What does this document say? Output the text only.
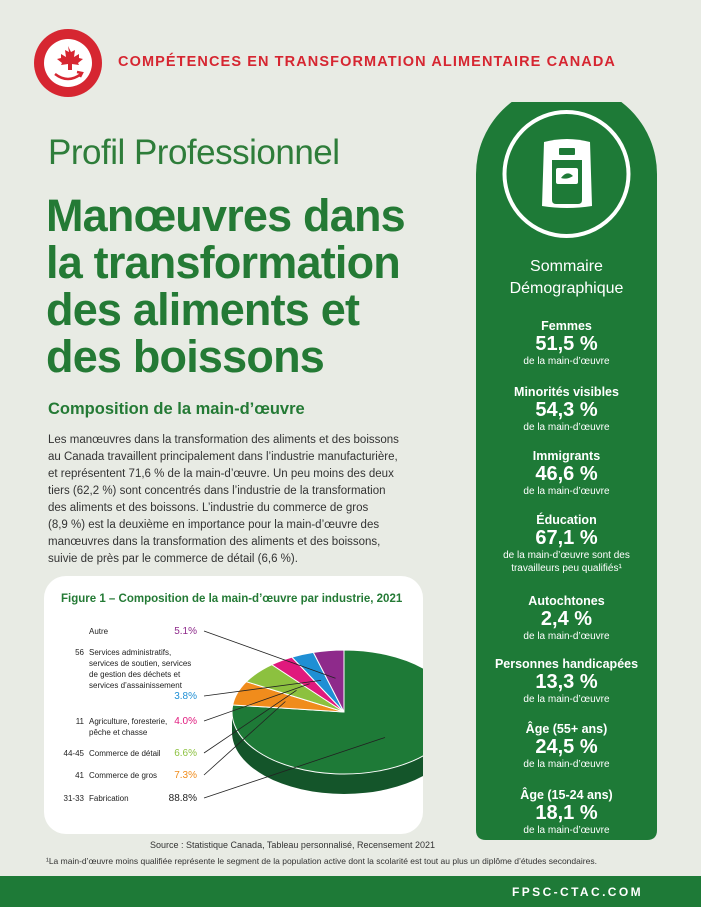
COMPÉTENCES EN TRANSFORMATION ALIMENTAIRE CANADA
Profil Professionnel
Manœuvres dans
la transformation
des aliments et
des boissons
Composition de la main-d’œuvre
Les manœuvres dans la transformation des aliments et des boissons
au Canada travaillent principalement dans l’industrie manufacturière,
et représentent 71,6 % de la main-d’œuvre. Un peu moins des deux
tiers (62,2 %) sont concentrés dans l’industrie de la transformation
des aliments et des boissons. L’industrie du commerce de gros
(8,9 %) est la deuxième en importance pour la main-d’œuvre des
manœuvres dans la transformation des aliments et des boissons,
suivie de près par le commerce de détail (6,6 %).
Figure 1 – Composition de la main-d’œuvre par industrie, 2021
Fabrication
31-33	88.8%
Commerce de gros
41	7.3%
Commerce de détail
44-45	6.6%
Agriculture, foresterie,
pêche et chasse
11	4.0%
Services administratifs,
services de soutien, services
de gestion des déchets et
services d’assainissement
56
3.8%
Autre	5.1%
Source : Statistique Canada, Tableau personnalisé, Recensement 2021
¹La main-d’œuvre moins qualifiée représente le segment de la population active dont la scolarité est tout au plus un diplôme d’études secondaires.
FPSC-CTAC.COM
Sommaire
Démographique
Femmes
51,5 %
de la main-d’œuvre
Minorités visibles
54,3 %
de la main-d’œuvre
Immigrants
46,6 %
de la main-d’œuvre
Éducation
67,1 %
de la main-d’œuvre sont des
travailleurs peu qualifiés¹
Autochtones
2,4 %
de la main-d’œuvre
Personnes handicapées
13,3 %
de la main-d’œuvre
Âge (55+ ans)
24,5 %
de la main-d’œuvre
Âge (15-24 ans)
18,1 %
de la main-d’œuvre
